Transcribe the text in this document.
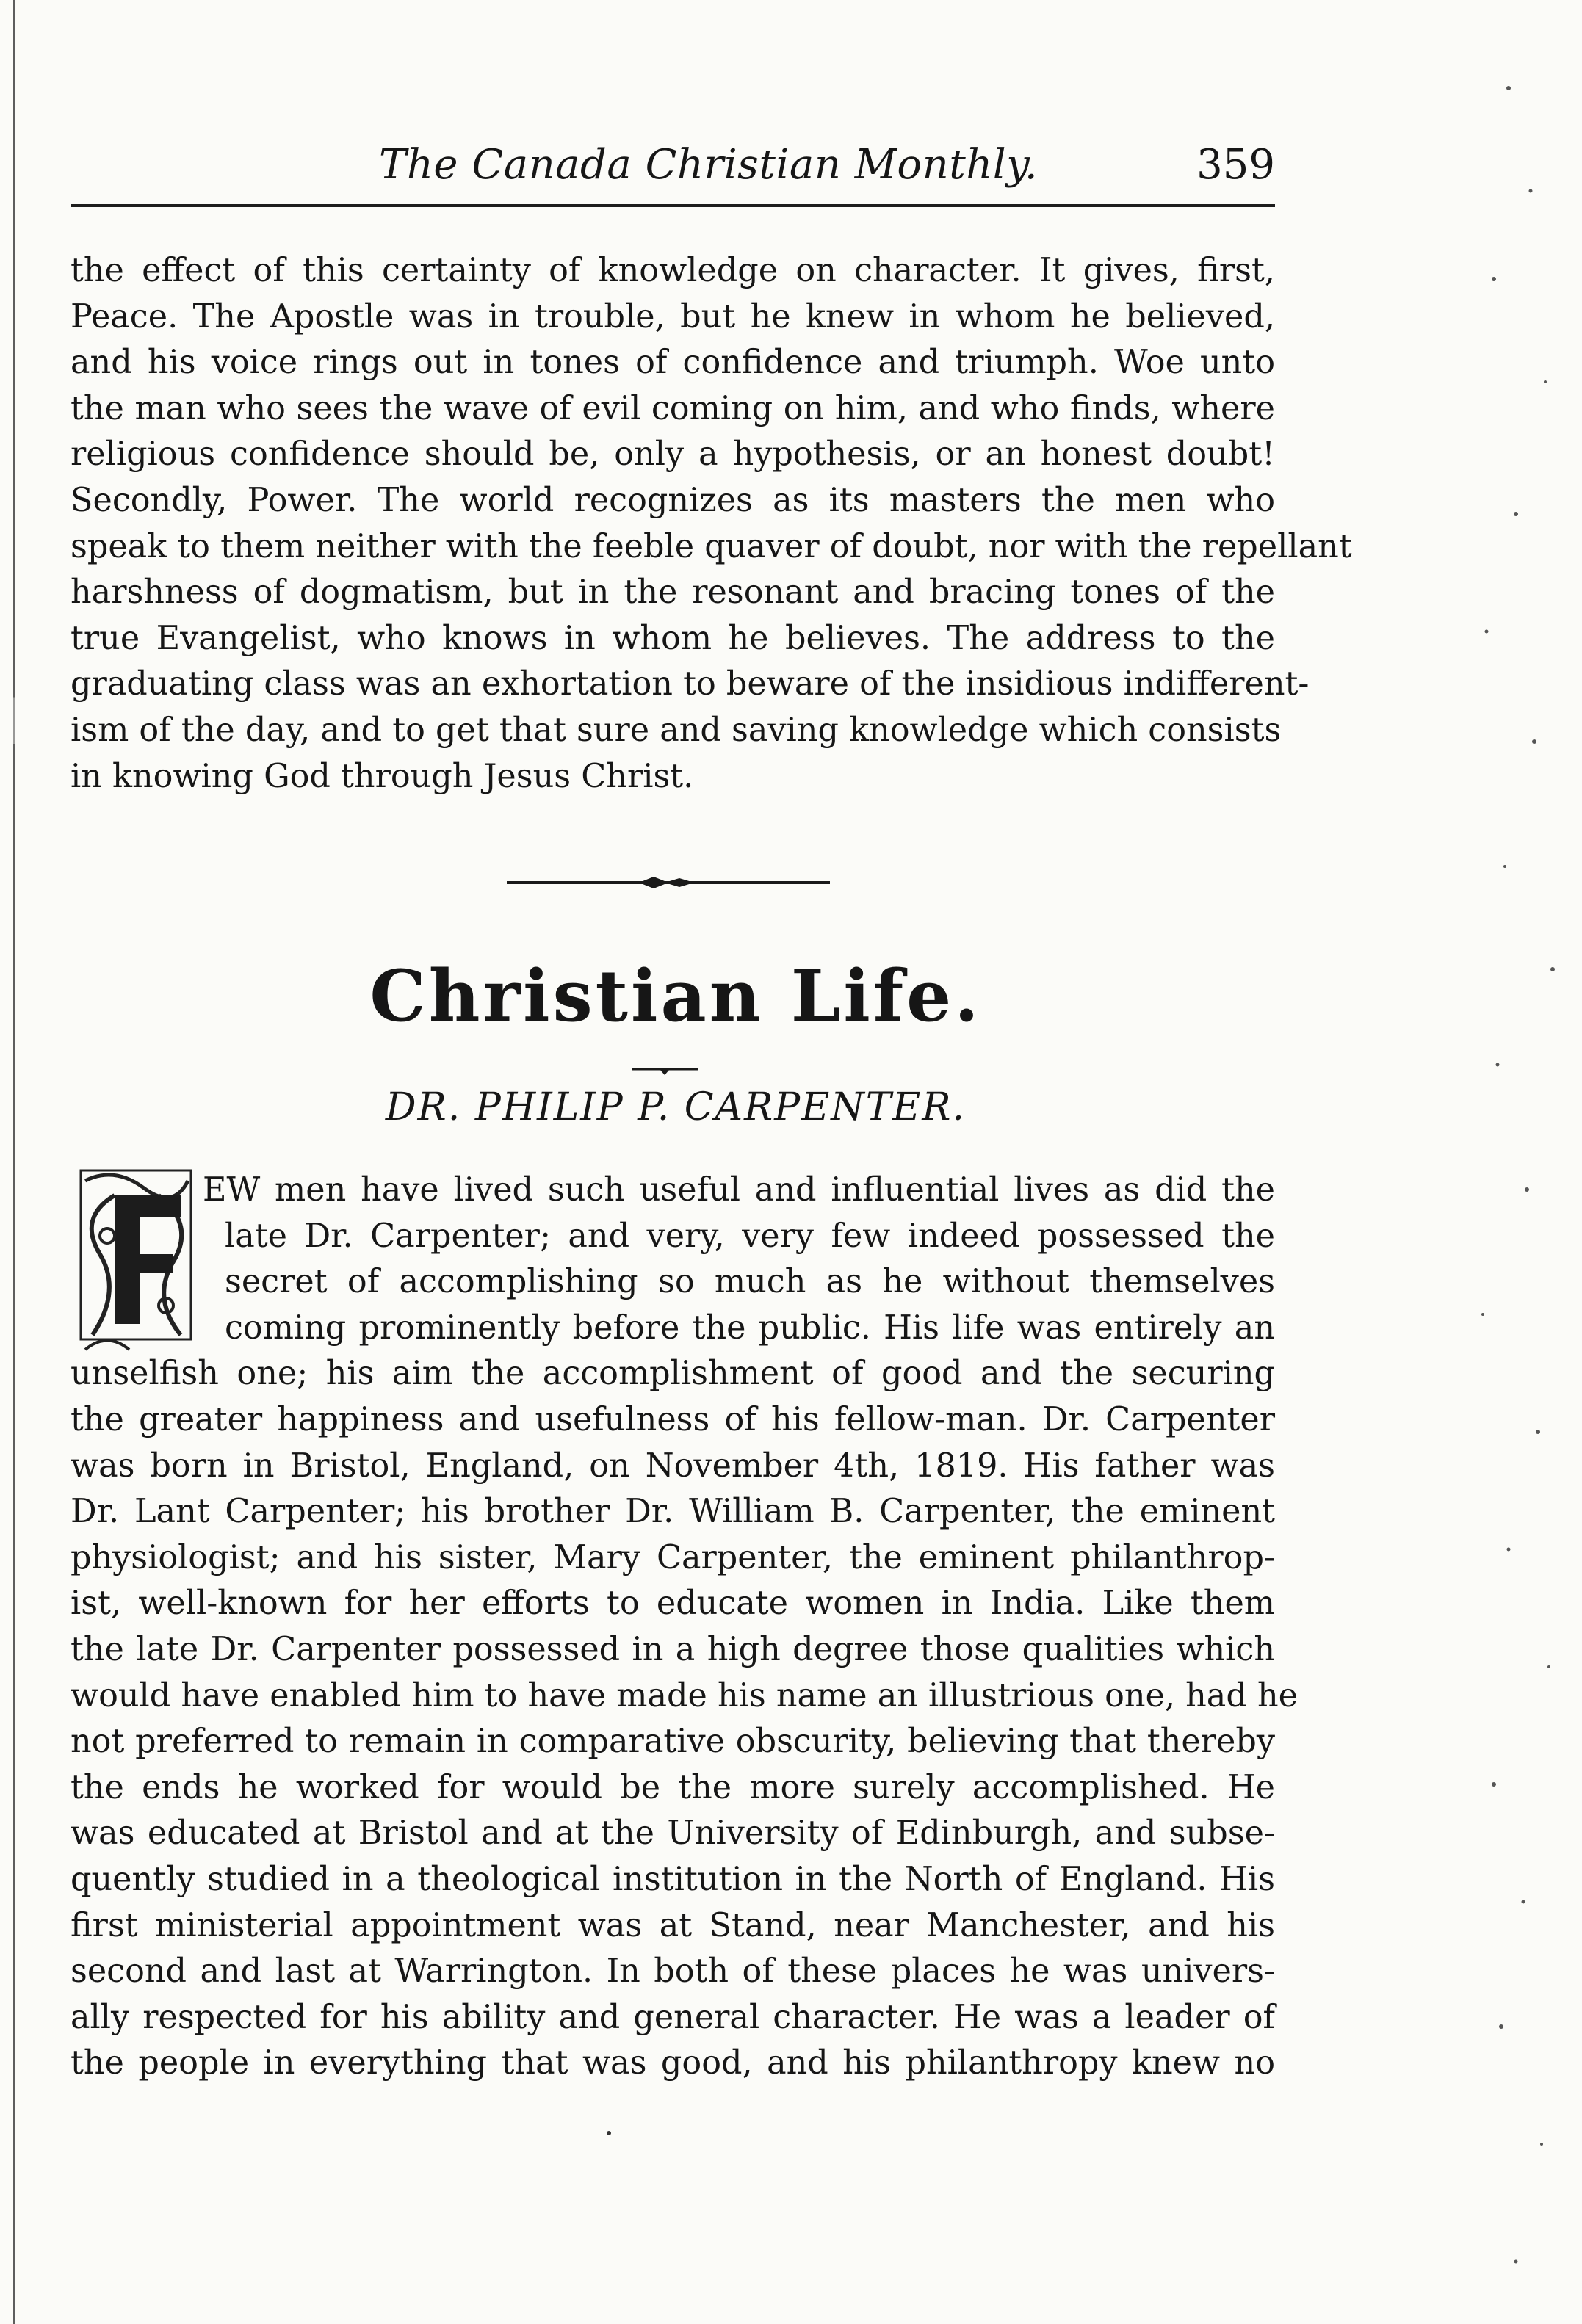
The Canada Christian Monthly.	359
the effect of this certainty of knowledge on character. It gives, first,
Peace. The Apostle was in trouble, but he knew in whom he believed,
and his voice rings out in tones of confidence and triumph. Woe unto
the man who sees the wave of evil coming on him, and who finds, where
religious confidence should be, only a hypothesis, or an honest doubt!
Secondly, Power. The world recognizes as its masters the men who
speak to them neither with the feeble quaver of doubt, nor with the repellant
harshness of dogmatism, but in the resonant and bracing tones of the
true Evangelist, who knows in whom he believes. The address to the
graduating class was an exhortation to beware of the insidious indifferent-
ism of the day, and to get that sure and saving knowledge which consists
in knowing God through Jesus Christ.
Christian Life.
DR. PHILIP P. CARPENTER.
EW men have lived such useful and influential lives as did the
late Dr. Carpenter; and very, very few indeed possessed the
secret of accomplishing so much as he without themselves
coming prominently before the public. His life was entirely an
unselfish one; his aim the accomplishment of good and the securing
the greater happiness and usefulness of his fellow-man. Dr. Carpenter
was born in Bristol, England, on November 4th, 1819. His father was
Dr. Lant Carpenter; his brother Dr. William B. Carpenter, the eminent
physiologist; and his sister, Mary Carpenter, the eminent philanthrop-
ist, well-known for her efforts to educate women in India. Like them
the late Dr. Carpenter possessed in a high degree those qualities which
would have enabled him to have made his name an illustrious one, had he
not preferred to remain in comparative obscurity, believing that thereby
the ends he worked for would be the more surely accomplished. He
was educated at Bristol and at the University of Edinburgh, and subse-
quently studied in a theological institution in the North of England. His
first ministerial appointment was at Stand, near Manchester, and his
second and last at Warrington. In both of these places he was univers-
ally respected for his ability and general character. He was a leader of
the people in everything that was good, and his philanthropy knew no
